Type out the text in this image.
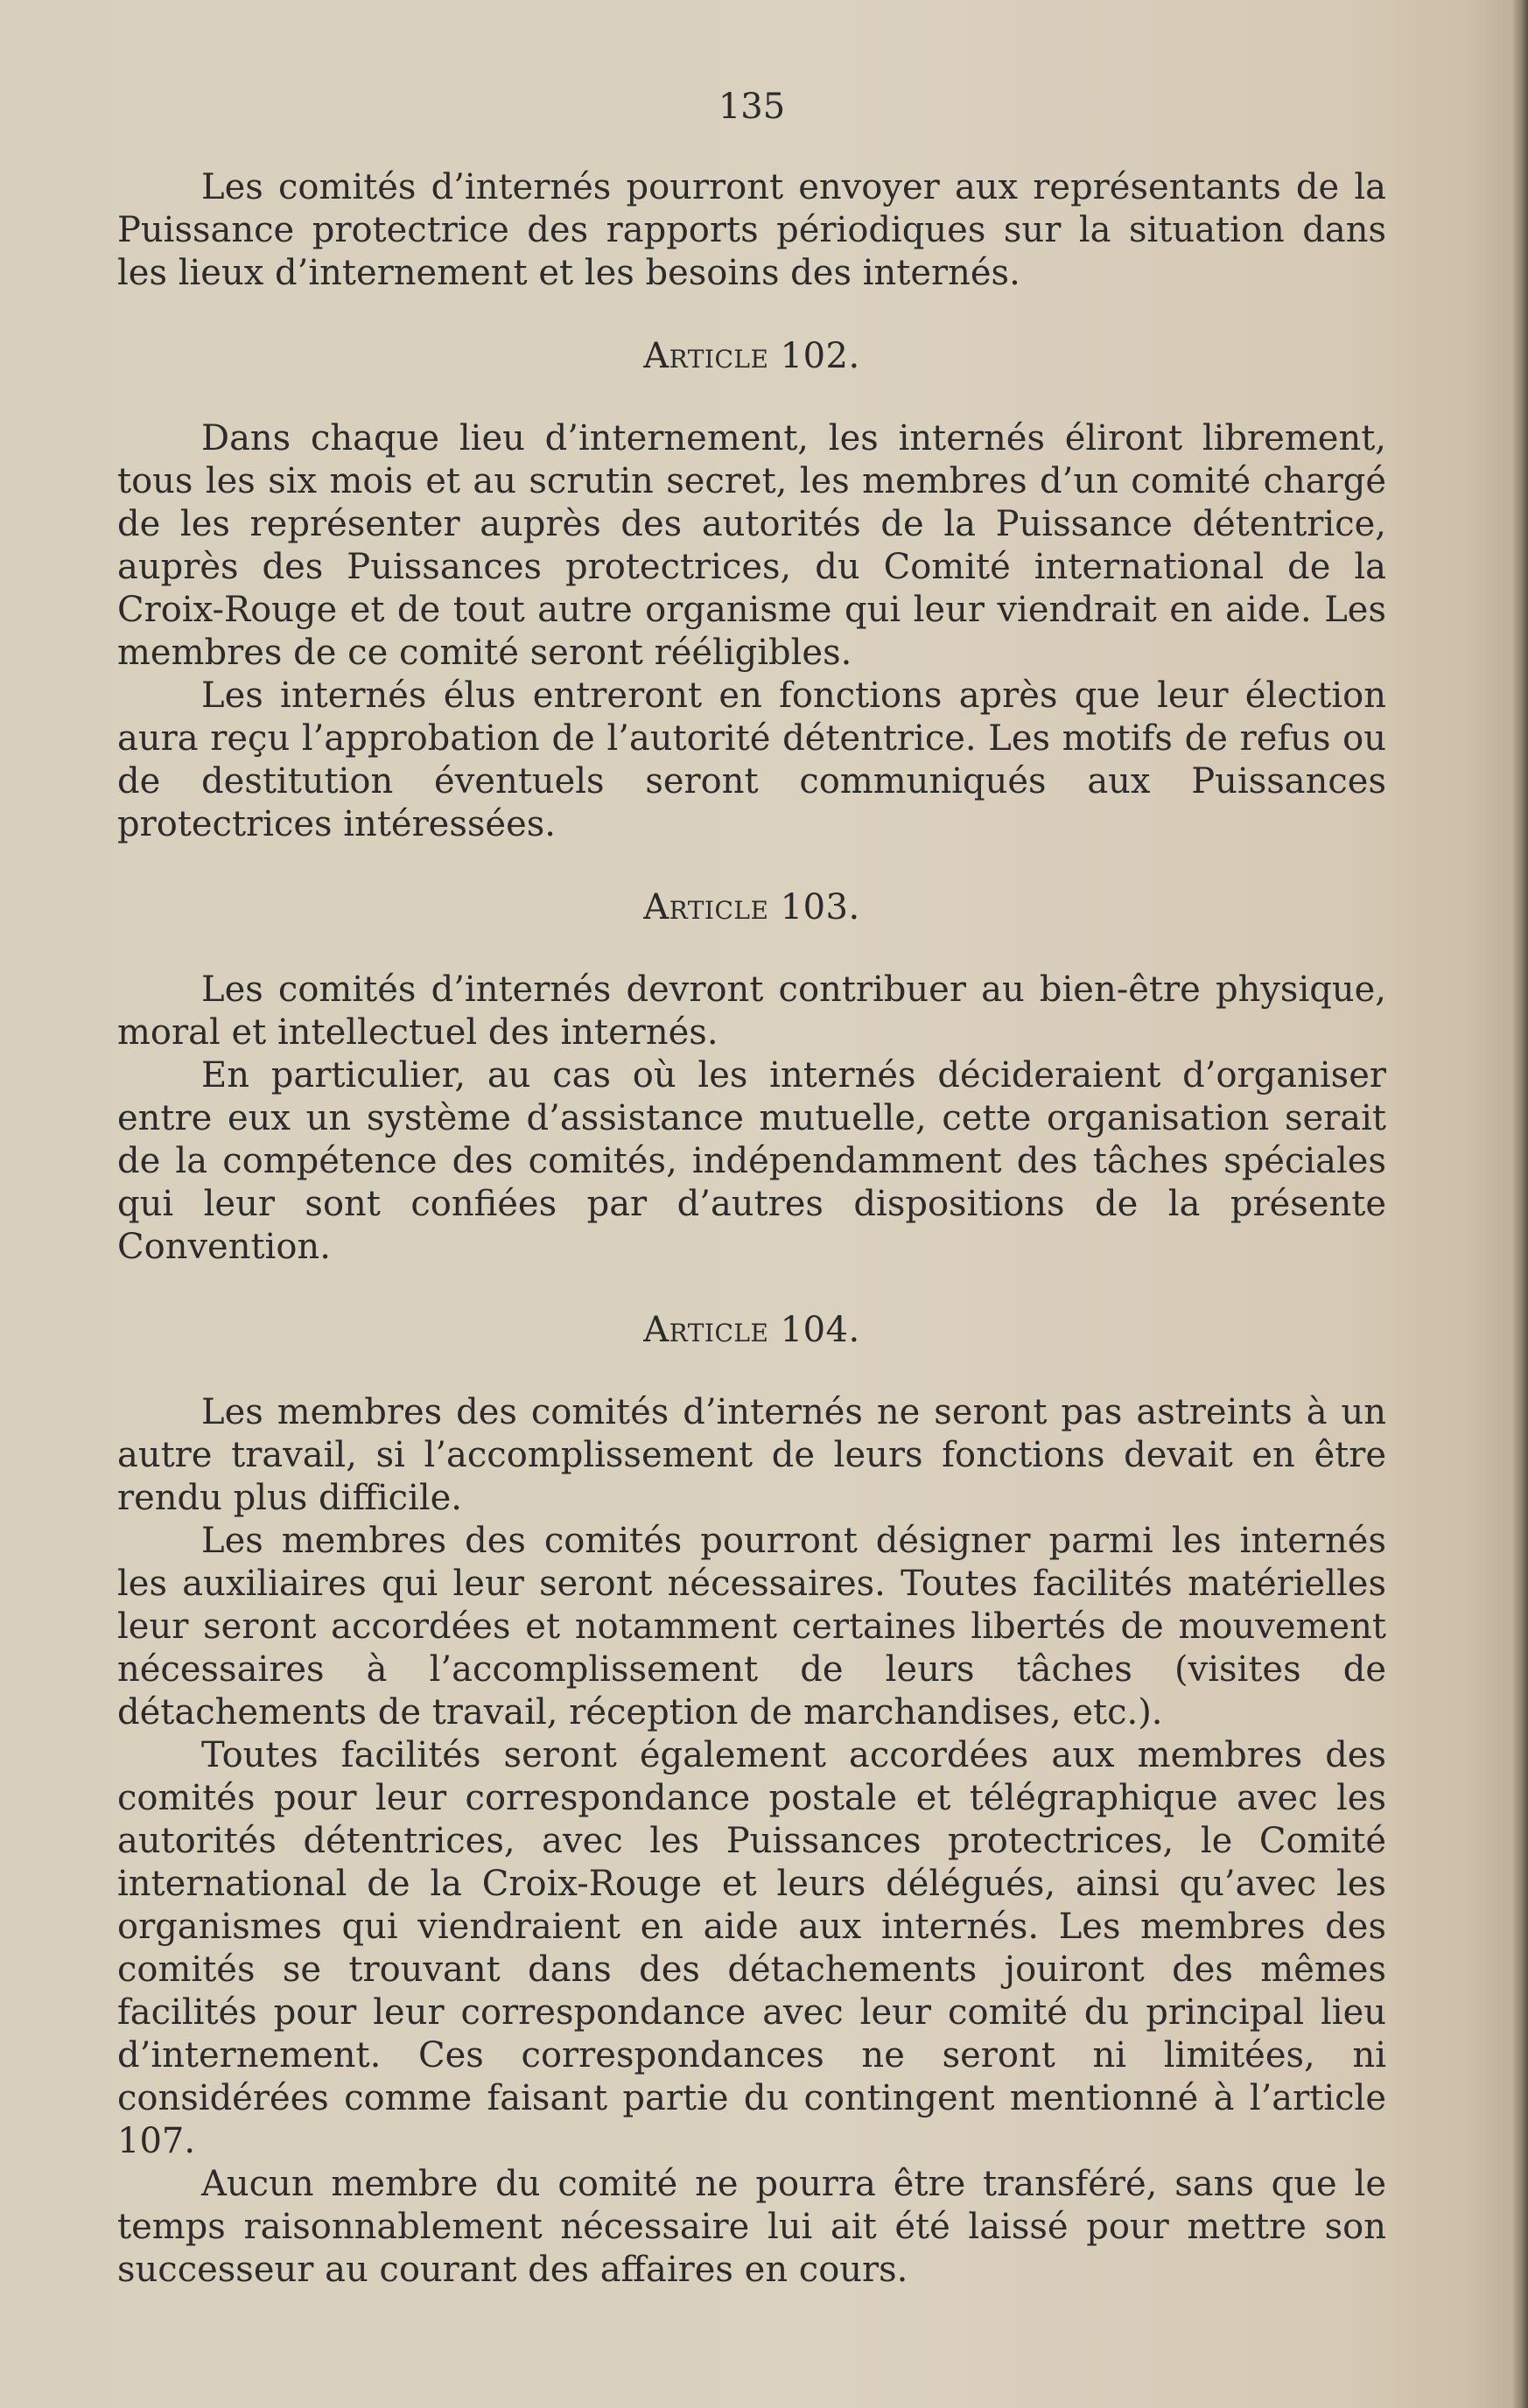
135

Les comités d’internés pourront envoyer aux représentants de la Puissance protectrice des rapports périodiques sur la situation dans les lieux d’internement et les besoins des internés.

Article 102.

Dans chaque lieu d’internement, les internés éliront librement, tous les six mois et au scrutin secret, les membres d’un comité chargé de les représenter auprès des autorités de la Puissance détentrice, auprès des Puissances protectrices, du Comité international de la Croix-Rouge et de tout autre organisme qui leur viendrait en aide. Les membres de ce comité seront rééligibles.

Les internés élus entreront en fonctions après que leur élection aura reçu l’approbation de l’autorité détentrice. Les motifs de refus ou de destitution éventuels seront communiqués aux Puissances protectrices intéressées.

Article 103.

Les comités d’internés devront contribuer au bien-être physique, moral et intellectuel des internés.

En particulier, au cas où les internés décideraient d’organiser entre eux un système d’assistance mutuelle, cette organisation serait de la compétence des comités, indépendamment des tâches spéciales qui leur sont confiées par d’autres dispositions de la présente Convention.

Article 104.

Les membres des comités d’internés ne seront pas astreints à un autre travail, si l’accomplissement de leurs fonctions devait en être rendu plus difficile.

Les membres des comités pourront désigner parmi les internés les auxiliaires qui leur seront nécessaires. Toutes facilités matérielles leur seront accordées et notamment certaines libertés de mouvement nécessaires à l’accomplissement de leurs tâches (visites de détachements de travail, réception de marchandises, etc.).

Toutes facilités seront également accordées aux membres des comités pour leur correspondance postale et télégraphique avec les autorités détentrices, avec les Puissances protectrices, le Comité international de la Croix-Rouge et leurs délégués, ainsi qu’avec les organismes qui viendraient en aide aux internés. Les membres des comités se trouvant dans des détachements jouiront des mêmes facilités pour leur correspondance avec leur comité du principal lieu d’internement. Ces correspondances ne seront ni limitées, ni considérées comme faisant partie du contingent mentionné à l’article 107.

Aucun membre du comité ne pourra être transféré, sans que le temps raisonnablement nécessaire lui ait été laissé pour mettre son successeur au courant des affaires en cours.
